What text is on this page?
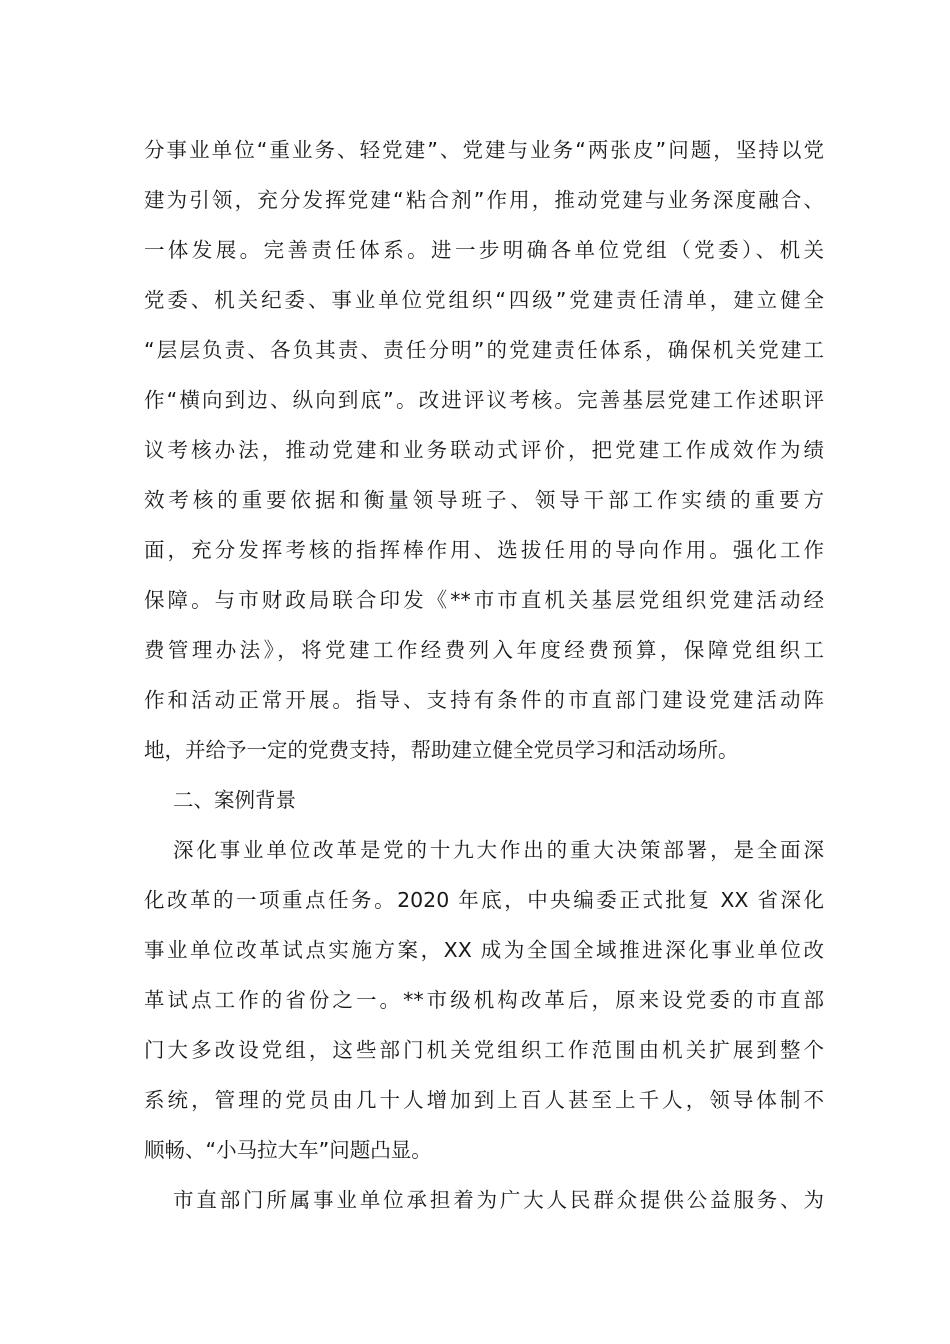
分事业单位“重业务、轻党建”、党建与业务“两张皮”问题，坚持以党
建为引领，充分发挥党建“粘合剂”作用，推动党建与业务深度融合、
一体发展。完善责任体系。进一步明确各单位党组（党委）、机关
党委、机关纪委、事业单位党组织“四级”党建责任清单，建立健全
“层层负责、各负其责、责任分明”的党建责任体系，确保机关党建工
作“横向到边、纵向到底”。改进评议考核。完善基层党建工作述职评
议考核办法，推动党建和业务联动式评价，把党建工作成效作为绩
效考核的重要依据和衡量领导班子、领导干部工作实绩的重要方
面，充分发挥考核的指挥棒作用、选拔任用的导向作用。强化工作
保障。与市财政局联合印发《**市市直机关基层党组织党建活动经
费管理办法》，将党建工作经费列入年度经费预算，保障党组织工
作和活动正常开展。指导、支持有条件的市直部门建设党建活动阵
地，并给予一定的党费支持，帮助建立健全党员学习和活动场所。
二、案例背景
深化事业单位改革是党的十九大作出的重大决策部署，是全面深
化改革的一项重点任务。2020 年底，中央编委正式批复 XX 省深化
事业单位改革试点实施方案，XX 成为全国全域推进深化事业单位改
革试点工作的省份之一。**市级机构改革后，原来设党委的市直部
门大多改设党组，这些部门机关党组织工作范围由机关扩展到整个
系统，管理的党员由几十人增加到上百人甚至上千人，领导体制不
顺畅、“小马拉大车”问题凸显。
市直部门所属事业单位承担着为广大人民群众提供公益服务、为
